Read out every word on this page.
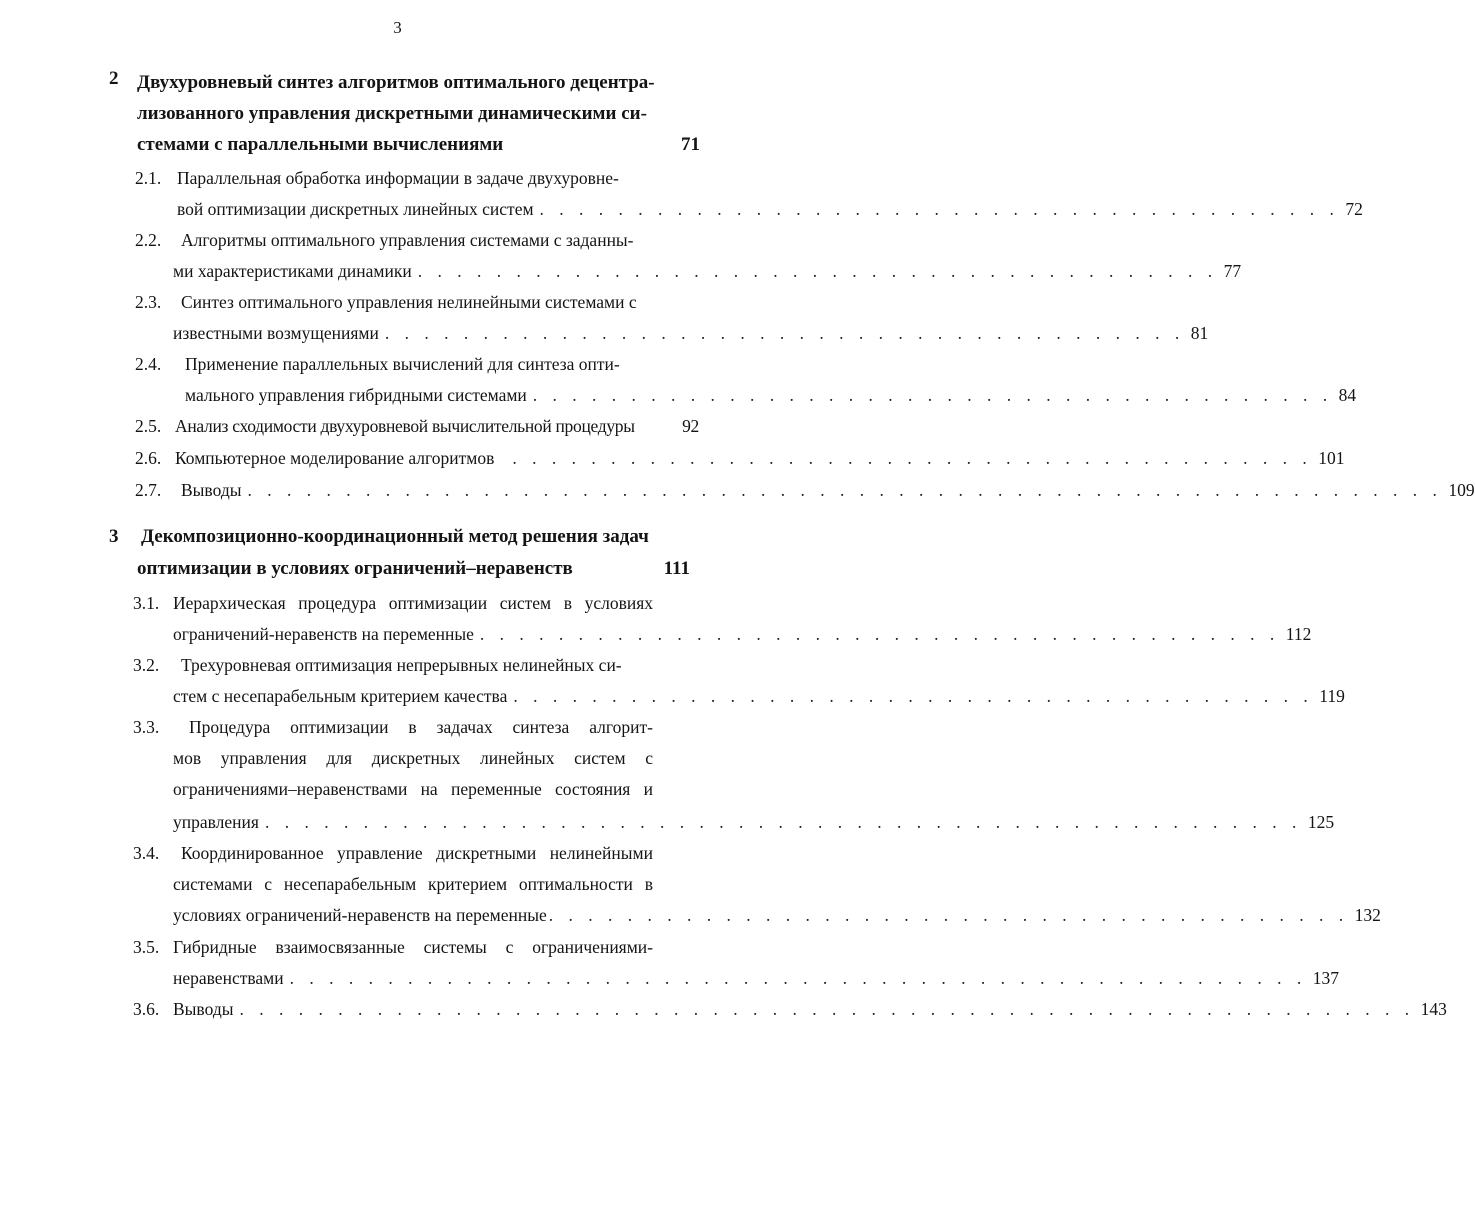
3
2 Двухуровневый синтез алгоритмов оптимального децентра-
лизованного управления дискретными динамическими си-
стемами с параллельными вычислениями	71
2.1. Параллельная обработка информации в задаче двухуровне-
вой оптимизации дискретных линейных систем . . . . . . . . . . . . . . . . . . . . . . . . . . . . . . . . . . . . . . . . . 72
2.2. Алгоритмы оптимального управления системами с заданны-
ми характеристиками динамики . . . . . . . . . . . . . . . . . . . . . . . . . . . . . . . . . . . . . . . . . 77
2.3. Синтез оптимального управления нелинейными системами с
известными возмущениями . . . . . . . . . . . . . . . . . . . . . . . . . . . . . . . . . . . . . . . . . 81
2.4. Применение параллельных вычислений для синтеза опти-
мального управления гибридными системами . . . . . . . . . . . . . . . . . . . . . . . . . . . . . . . . . . . . . . . . . 84
2.5. Анализ сходимости двухуровневой вычислительной процедуры	92
2.6. Компьютерное моделирование алгоритмов	. . . . . . . . . . . . . . . . . . . . . . . . . . . . . . . . . . . . . . . . . 101
2.7. Выводы . . . . . . . . . . . . . . . . . . . . . . . . . . . . . . . . . . . . . . . . . . . . . . . . . . . . . . . . . . . . . 109
3 Декомпозиционно-координационный метод решения задач
оптимизации в условиях ограничений–неравенств	111
3.1. Иерархическая процедура оптимизации систем в условиях
ограничений-неравенств на переменные . . . . . . . . . . . . . . . . . . . . . . . . . . . . . . . . . . . . . . . . . 112
3.2. Трехуровневая оптимизация непрерывных нелинейных си-
стем с несепарабельным критерием качества . . . . . . . . . . . . . . . . . . . . . . . . . . . . . . . . . . . . . . . . . 119
3.3. Процедура оптимизации в задачах синтеза алгорит-
мов управления для дискретных линейных систем с
ограничениями–неравенствами на переменные состояния и
управления . . . . . . . . . . . . . . . . . . . . . . . . . . . . . . . . . . . . . . . . . . . . . . . . . . . . . 125
3.4. Координированное управление дискретными нелинейными
системами с несепарабельным критерием оптимальности в
условиях ограничений-неравенств на переменные . . . . . . . . . . . . . . . . . . . . . . . . . . . . . . . . . . . . . . . . . 132
3.5. Гибридные взаимосвязанные системы с ограничениями-
неравенствами . . . . . . . . . . . . . . . . . . . . . . . . . . . . . . . . . . . . . . . . . . . . . . . . . . . . 137
3.6. Выводы . . . . . . . . . . . . . . . . . . . . . . . . . . . . . . . . . . . . . . . . . . . . . . . . . . . . . . . . . . . . 143
